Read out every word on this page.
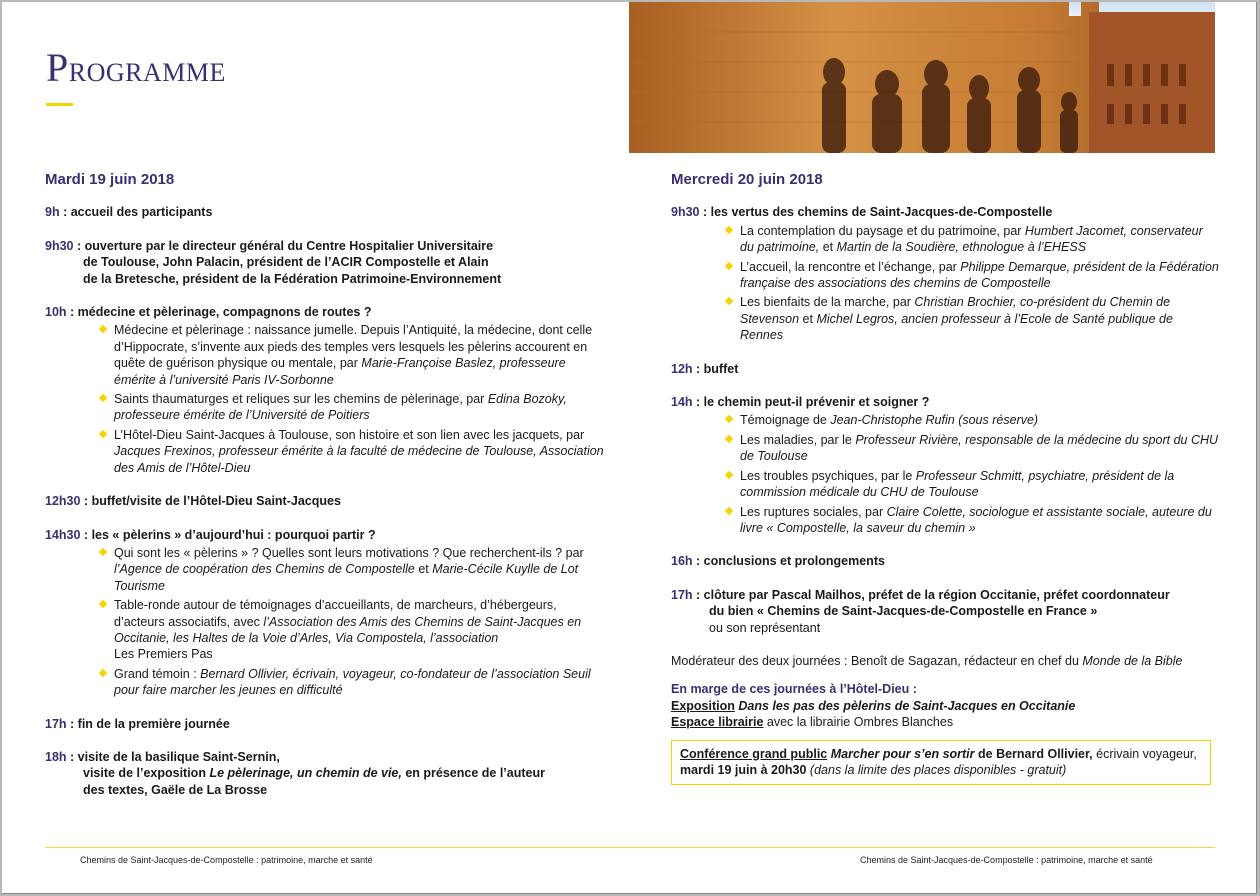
PROGRAMME
Mardi 19 juin 2018
9h : accueil des participants
9h30 : ouverture par le directeur général du Centre Hospitalier Universitaire
de Toulouse, John Palacin, président de l’ACIR Compostelle et Alain
de la Bretesche, président de la Fédération Patrimoine-Environnement
10h : médecine et pèlerinage, compagnons de routes ?
Médecine et pèlerinage : naissance jumelle. Depuis l’Antiquité, la médecine, dont celle d’Hippocrate, s’invente aux pieds des temples vers lesquels les pèlerins accourent en quête de guérison physique ou mentale, par Marie-Françoise Baslez, professeure émérite à l’université Paris IV-Sorbonne
Saints thaumaturges et reliques sur les chemins de pèlerinage, par Edina Bozoky, professeure émérite de l’Université de Poitiers
L’Hôtel-Dieu Saint-Jacques à Toulouse, son histoire et son lien avec les jacquets, par Jacques Frexinos, professeur émérite à la faculté de médecine de Toulouse, Association des Amis de l’Hôtel-Dieu
12h30 : buffet/visite de l’Hôtel-Dieu Saint-Jacques
14h30 : les « pèlerins » d’aujourd’hui : pourquoi partir ?
Qui sont les « pèlerins » ? Quelles sont leurs motivations ? Que recherchent-ils ? par l’Agence de coopération des Chemins de Compostelle et Marie-Cécile Kuylle de Lot Tourisme
Table-ronde autour de témoignages d’accueillants, de marcheurs, d’hébergeurs, d’acteurs associatifs, avec l’Association des Amis des Chemins de Saint-Jacques en Occitanie, les Haltes de la Voie d’Arles, Via Compostela, l’association
Les Premiers Pas
Grand témoin : Bernard Ollivier, écrivain, voyageur, co-fondateur de l’association Seuil pour faire marcher les jeunes en difficulté
17h : fin de la première journée
18h : visite de la basilique Saint-Sernin,
visite de l’exposition Le pèlerinage, un chemin de vie, en présence de l’auteur
des textes, Gaële de La Brosse
Mercredi 20 juin 2018
9h30 : les vertus des chemins de Saint-Jacques-de-Compostelle
La contemplation du paysage et du patrimoine, par Humbert Jacomet, conservateur du patrimoine, et Martin de la Soudière, ethnologue à l’EHESS
L’accueil, la rencontre et l’échange, par Philippe Demarque, président de la Fédération française des associations des chemins de Compostelle
Les bienfaits de la marche, par Christian Brochier, co-président du Chemin de Stevenson et Michel Legros, ancien professeur à l’Ecole de Santé publique de Rennes
12h : buffet
14h : le chemin peut-il prévenir et soigner ?
Témoignage de Jean-Christophe Rufin (sous réserve)
Les maladies, par le Professeur Rivière, responsable de la médecine du sport du CHU de Toulouse
Les troubles psychiques, par le Professeur Schmitt, psychiatre, président de la commission médicale du CHU de Toulouse
Les ruptures sociales, par Claire Colette, sociologue et assistante sociale, auteure du livre « Compostelle, la saveur du chemin »
16h : conclusions et prolongements
17h : clôture par Pascal Mailhos, préfet de la région Occitanie, préfet coordonnateur
du bien « Chemins de Saint-Jacques-de-Compostelle en France »
ou son représentant
Modérateur des deux journées : Benoît de Sagazan, rédacteur en chef du Monde de la Bible
En marge de ces journées à l’Hôtel-Dieu :
Exposition Dans les pas des pèlerins de Saint-Jacques en Occitanie
Espace librairie avec la librairie Ombres Blanches
Conférence grand public Marcher pour s’en sortir de Bernard Ollivier, écrivain voyageur, mardi 19 juin à 20h30 (dans la limite des places disponibles - gratuit)
Chemins de Saint-Jacques-de-Compostelle : patrimoine, marche et santé	Chemins de Saint-Jacques-de-Compostelle : patrimoine, marche et santé
